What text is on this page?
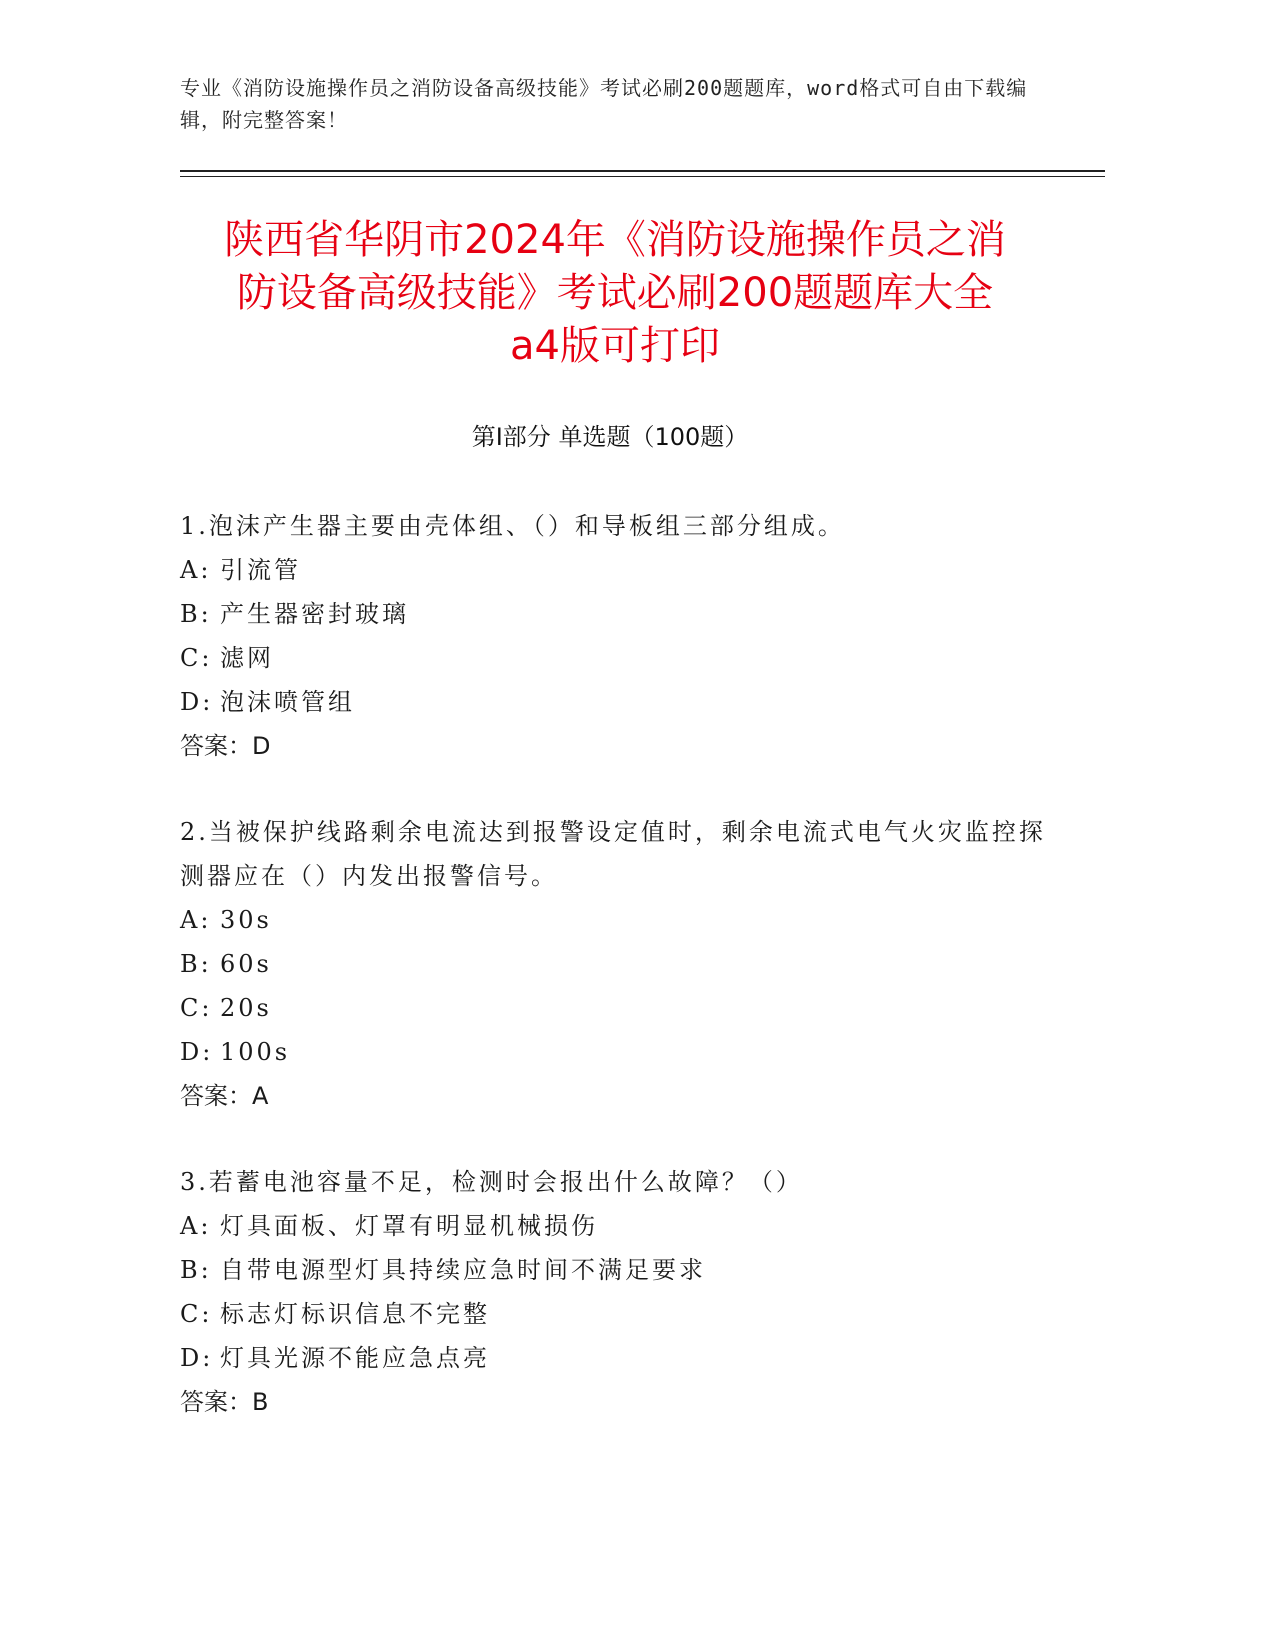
专业《消防设施操作员之消防设备高级技能》考试必刷200题题库，word格式可自由下载编辑，附完整答案！
陕西省华阴市2024年《消防设施操作员之消
防设备高级技能》考试必刷200题题库大全
a4版可打印
第I部分 单选题（100题）
1.泡沫产生器主要由壳体组、（）和导板组三部分组成。
A: 引流管
B: 产生器密封玻璃
C: 滤网
D: 泡沫喷管组
答案：D
2.当被保护线路剩余电流达到报警设定值时，剩余电流式电气火灾监控探测器应在（）内发出报警信号。
A: 30s
B: 60s
C: 20s
D: 100s
答案：A
3.若蓄电池容量不足，检测时会报出什么故障？（）
A: 灯具面板、灯罩有明显机械损伤
B: 自带电源型灯具持续应急时间不满足要求
C: 标志灯标识信息不完整
D: 灯具光源不能应急点亮
答案：B
